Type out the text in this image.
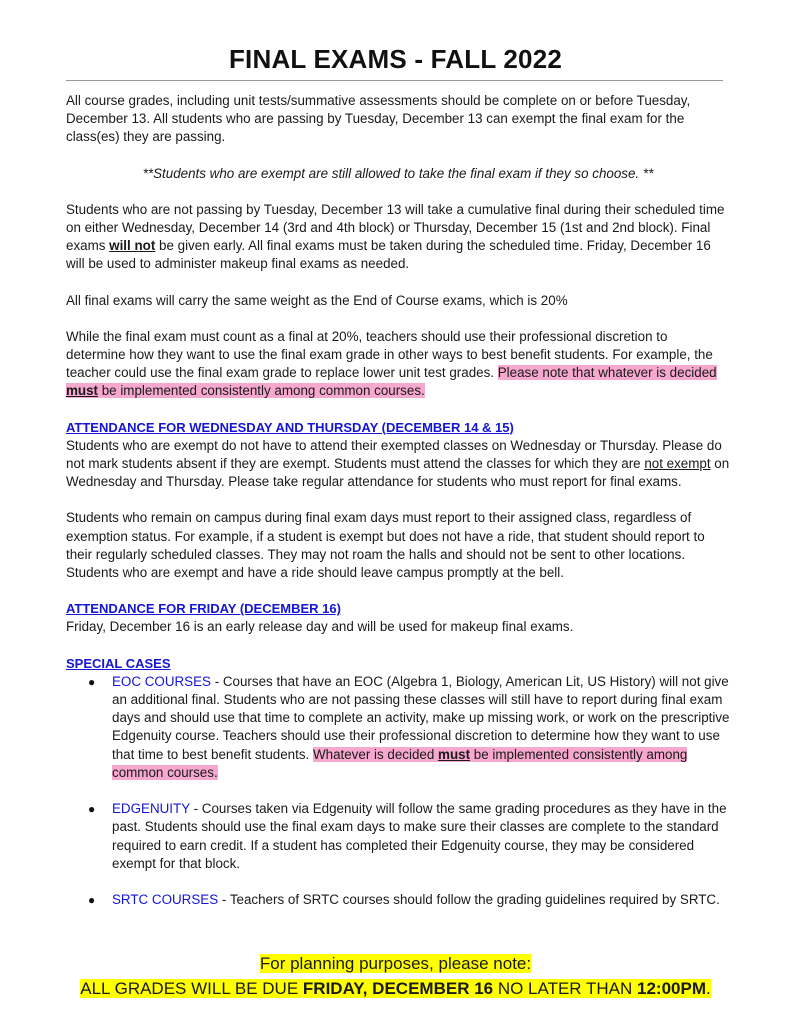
FINAL EXAMS - FALL 2022

All course grades, including unit tests/summative assessments should be complete on or before Tuesday, December 13. All students who are passing by Tuesday, December 13 can exempt the final exam for the class(es) they are passing.

**Students who are exempt are still allowed to take the final exam if they so choose. **

Students who are not passing by Tuesday, December 13 will take a cumulative final during their scheduled time on either Wednesday, December 14 (3rd and 4th block) or Thursday, December 15 (1st and 2nd block). Final exams will not be given early. All final exams must be taken during the scheduled time. Friday, December 16 will be used to administer makeup final exams as needed.

All final exams will carry the same weight as the End of Course exams, which is 20%

While the final exam must count as a final at 20%, teachers should use their professional discretion to determine how they want to use the final exam grade in other ways to best benefit students. For example, the teacher could use the final exam grade to replace lower unit test grades. Please note that whatever is decided must be implemented consistently among common courses.

ATTENDANCE FOR WEDNESDAY AND THURSDAY (DECEMBER 14 & 15)

Students who are exempt do not have to attend their exempted classes on Wednesday or Thursday. Please do not mark students absent if they are exempt. Students must attend the classes for which they are not exempt on Wednesday and Thursday. Please take regular attendance for students who must report for final exams.

Students who remain on campus during final exam days must report to their assigned class, regardless of exemption status. For example, if a student is exempt but does not have a ride, that student should report to their regularly scheduled classes. They may not roam the halls and should not be sent to other locations. Students who are exempt and have a ride should leave campus promptly at the bell.

ATTENDANCE FOR FRIDAY (DECEMBER 16)

Friday, December 16 is an early release day and will be used for makeup final exams.

SPECIAL CASES

● EOC COURSES - Courses that have an EOC (Algebra 1, Biology, American Lit, US History) will not give an additional final. Students who are not passing these classes will still have to report during final exam days and should use that time to complete an activity, make up missing work, or work on the prescriptive Edgenuity course. Teachers should use their professional discretion to determine how they want to use that time to best benefit students. Whatever is decided must be implemented consistently among common courses.
● EDGENUITY - Courses taken via Edgenuity will follow the same grading procedures as they have in the past. Students should use the final exam days to make sure their classes are complete to the standard required to earn credit. If a student has completed their Edgenuity course, they may be considered exempt for that block.
● SRTC COURSES - Teachers of SRTC courses should follow the grading guidelines required by SRTC.
For planning purposes, please note:
ALL GRADES WILL BE DUE FRIDAY, DECEMBER 16 NO LATER THAN 12:00PM.
